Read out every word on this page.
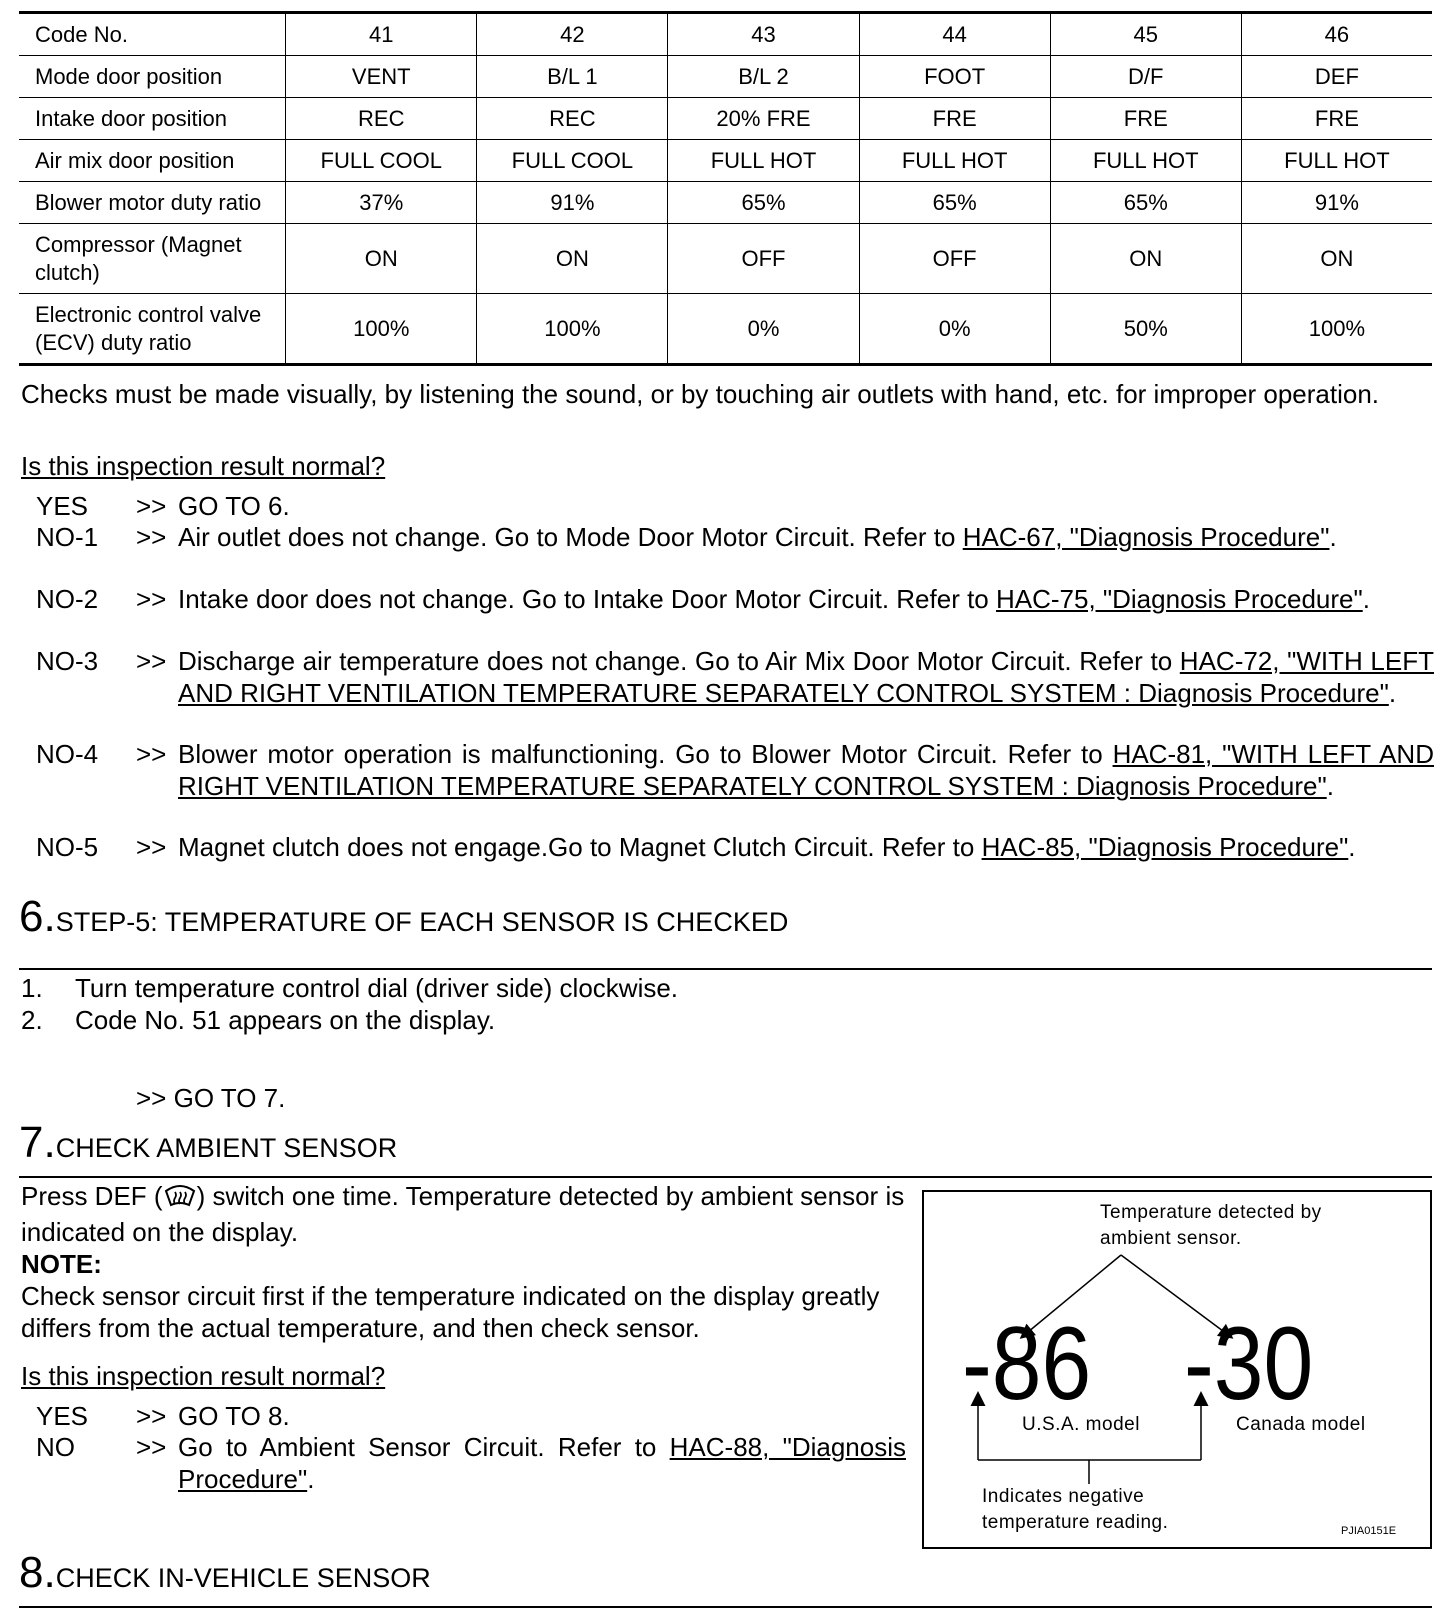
Code No.	41	42	43	44	45	46
Mode door position	VENT	B/L 1	B/L 2	FOOT	D/F	DEF
Intake door position	REC	REC	20% FRE	FRE	FRE	FRE
Air mix door position	FULL COOL	FULL COOL	FULL HOT	FULL HOT	FULL HOT	FULL HOT
Blower motor duty ratio	37%	91%	65%	65%	65%	91%
Compressor (Magnet
clutch)	ON	ON	OFF	OFF	ON	ON
Electronic control valve
(ECV) duty ratio	100%	100%	0%	0%	50%	100%
Checks must be made visually, by listening the sound, or by touching air outlets with hand, etc. for improper operation.
Is this inspection result normal?
YES >> GO TO 6.
NO-1 >> Air outlet does not change. Go to Mode Door Motor Circuit. Refer to HAC-67, "Diagnosis Procedure".
NO-2 >> Intake door does not change. Go to Intake Door Motor Circuit. Refer to HAC-75, "Diagnosis Procedure".
NO-3 >> Discharge air temperature does not change. Go to Air Mix Door Motor Circuit. Refer to HAC-72, "WITH LEFT AND RIGHT VENTILATION TEMPERATURE SEPARATELY CONTROL SYSTEM : Diagnosis Procedure".
NO-4 >> Blower motor operation is malfunctioning. Go to Blower Motor Circuit. Refer to HAC-81, "WITH LEFT AND RIGHT VENTILATION TEMPERATURE SEPARATELY CONTROL SYSTEM : Diagnosis Procedure".
NO-5 >> Magnet clutch does not engage.Go to Magnet Clutch Circuit. Refer to HAC-85, "Diagnosis Procedure".
6.STEP-5: TEMPERATURE OF EACH SENSOR IS CHECKED
1. Turn temperature control dial (driver side) clockwise.
2. Code No. 51 appears on the display.
>> GO TO 7.
7.CHECK AMBIENT SENSOR
Press DEF ( ) switch one time. Temperature detected by ambient sensor is indicated on the display.
NOTE:
Check sensor circuit first if the temperature indicated on the display greatly differs from the actual temperature, and then check sensor.
Is this inspection result normal?
YES >> GO TO 8.
NO >> Go to Ambient Sensor Circuit. Refer to HAC-88, "Diagnosis Procedure".
Temperature detected by
ambient sensor.
-86 -30
U.S.A. model	Canada model
Indicates negative
temperature reading.	PJIA0151E
8.CHECK IN-VEHICLE SENSOR
